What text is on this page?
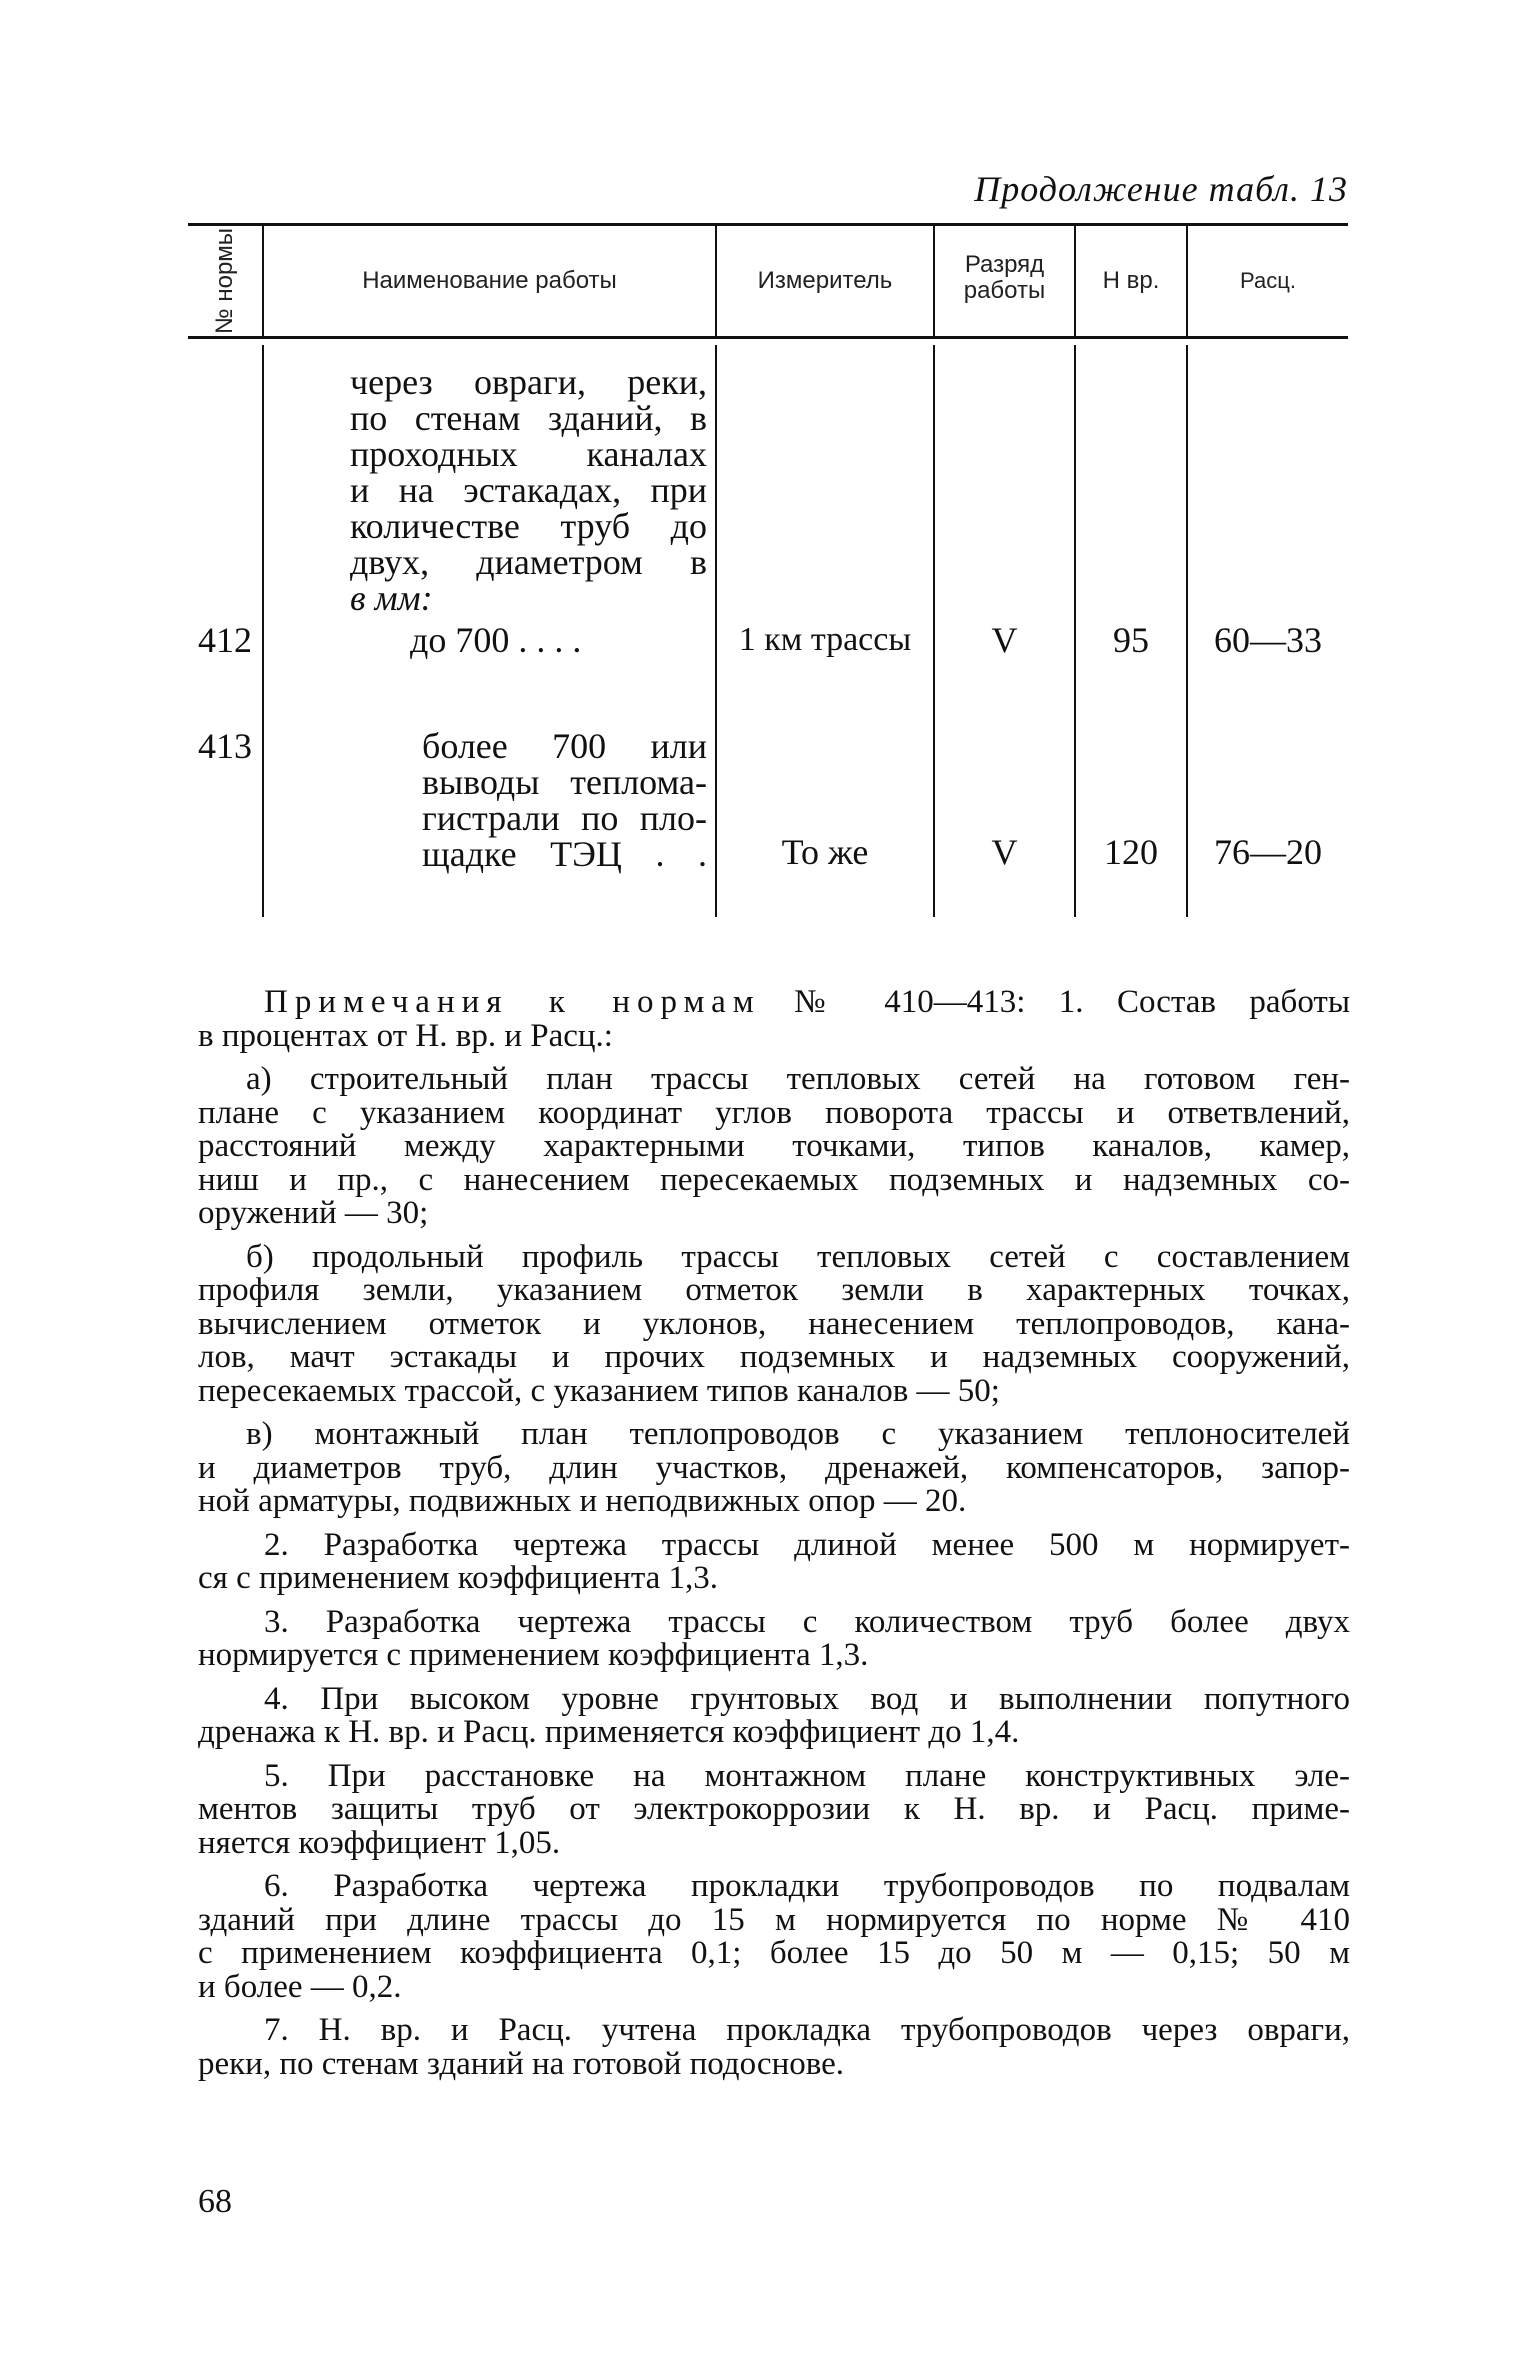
Продолжение табл. 13
№ нормы	Наименование работы	Измеритель
Разряд
работы	Н вр.	Расц.
через овраги, реки,
по стенам зданий, в
проходных каналах
и на эстакадах, при
количестве труб до
двух, диаметром в
в мм:
412	до 700 . . . .	1 км трассы	V	95	60—33
413	более 700 или
выводы теплома-
гистрали по пло-
щадке ТЭЦ . .	То же	V	120	76—20
Примечания к нормам № 410—413: 1. Состав работы
в процентах от Н. вр. и Расц.:
а) строительный план трассы тепловых сетей на готовом ген-
плане с указанием координат углов поворота трассы и ответвлений,
расстояний между характерными точками, типов каналов, камер,
ниш и пр., с нанесением пересекаемых подземных и надземных со-
оружений — 30;
б) продольный профиль трассы тепловых сетей с составлением
профиля земли, указанием отметок земли в характерных точках,
вычислением отметок и уклонов, нанесением теплопроводов, кана-
лов, мачт эстакады и прочих подземных и надземных сооружений,
пересекаемых трассой, с указанием типов каналов — 50;
в) монтажный план теплопроводов с указанием теплоносителей
и диаметров труб, длин участков, дренажей, компенсаторов, запор-
ной арматуры, подвижных и неподвижных опор — 20.
2. Разработка чертежа трассы длиной менее 500 м нормирует-
ся с применением коэффициента 1,3.
3. Разработка чертежа трассы с количеством труб более двух
нормируется с применением коэффициента 1,3.
4. При высоком уровне грунтовых вод и выполнении попутного
дренажа к Н. вр. и Расц. применяется коэффициент до 1,4.
5. При расстановке на монтажном плане конструктивных эле-
ментов защиты труб от электрокоррозии к Н. вр. и Расц. приме-
няется коэффициент 1,05.
6. Разработка чертежа прокладки трубопроводов по подвалам
зданий при длине трассы до 15 м нормируется по норме № 410
с применением коэффициента 0,1; более 15 до 50 м — 0,15; 50 м
и более — 0,2.
7. Н. вр. и Расц. учтена прокладка трубопроводов через овраги,
реки, по стенам зданий на готовой подоснове.
68
